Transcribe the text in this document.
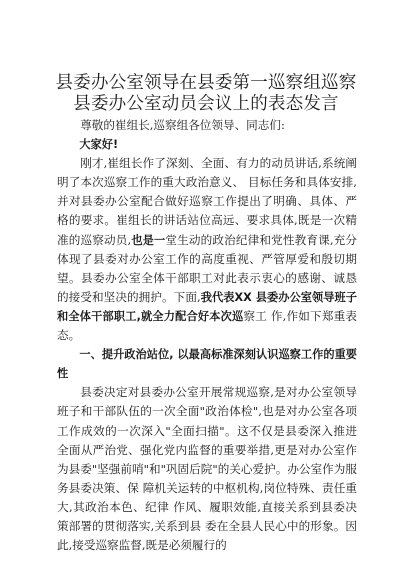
县委办公室领导在县委第一巡察组巡察县委办公室动员会议上的表态发言

尊敬的崔组长,巡察组各位领导、同志们:

大家好!

刚才,崔组长作了深刻、全面、有力的动员讲话,系统阐明了本次巡察工作的重大政治意义、 目标任务和具体安排,并对县委办公室配合做好巡察工作提出了明确、具体、严格的要求。崔组长的讲话站位高远、要求具体,既是一次精准的巡察动员,也是一堂生动的政治纪律和党性教育课,充分体现了县委对办公室工作的高度重视、严管厚爱和殷切期望。县委办公室全体干部职工对此表示衷心的感谢、诚恳的接受和坚决的拥护。下面,我代表XX 县委办公室领导班子和全体干部职工,就全力配合好本次巡察工 作,作如下郑重表态。

一、提升政治站位, 以最高标准深刻认识巡察工作的重要性

县委决定对县委办公室开展常规巡察,是对办公室领导班子和干部队伍的一次全面"政治体检",也是对办公室各项工作成效的一次深入"全面扫描"。这不仅是县委深入推进全面从严治党、强化党内监督的重要举措,更是对办公室作为县委"坚强前哨"和"巩固后院"的关心爱护。办公室作为服务县委决策、保 障机关运转的中枢机构,岗位特殊、责任重大,其政治本色、纪律 作风、履职效能,直接关系到县委决策部署的贯彻落实,关系到县 委在全县人民心中的形象。因此,接受巡察监督,既是必须履行的
